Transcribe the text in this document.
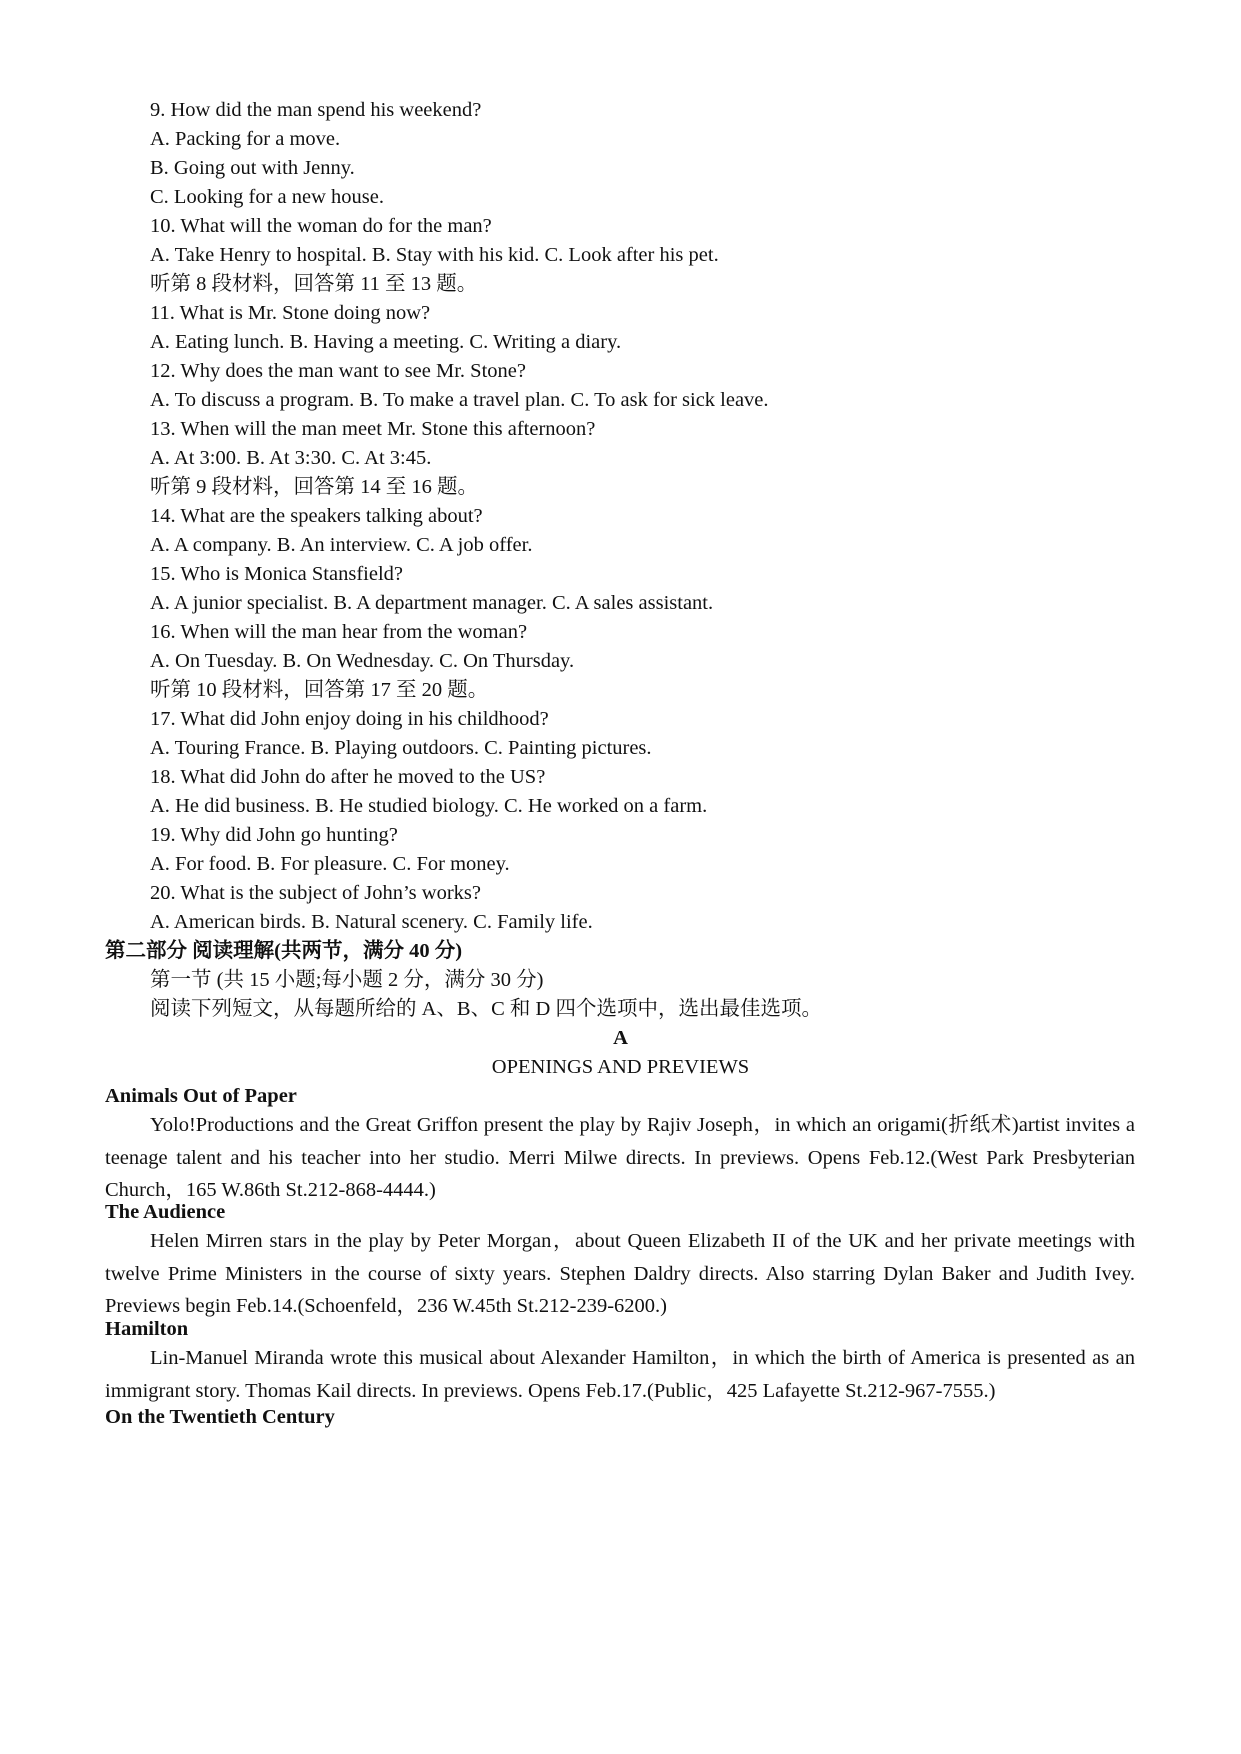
9. How did the man spend his weekend?
A. Packing for a move.
B. Going out with Jenny.
C. Looking for a new house.
10. What will the woman do for the man?
A. Take Henry to hospital. B. Stay with his kid. C. Look after his pet.
听第 8 段材料，回答第 11 至 13 题。
11. What is Mr. Stone doing now?
A. Eating lunch. B. Having a meeting. C. Writing a diary.
12. Why does the man want to see Mr. Stone?
A. To discuss a program. B. To make a travel plan. C. To ask for sick leave.
13. When will the man meet Mr. Stone this afternoon?
A. At 3:00. B. At 3:30. C. At 3:45.
听第 9 段材料，回答第 14 至 16 题。
14. What are the speakers talking about?
A. A company. B. An interview. C. A job offer.
15. Who is Monica Stansfield?
A. A junior specialist. B. A department manager. C. A sales assistant.
16. When will the man hear from the woman?
A. On Tuesday. B. On Wednesday. C. On Thursday.
听第 10 段材料，回答第 17 至 20 题。
17. What did John enjoy doing in his childhood?
A. Touring France. B. Playing outdoors. C. Painting pictures.
18. What did John do after he moved to the US?
A. He did business. B. He studied biology. C. He worked on a farm.
19. Why did John go hunting?
A. For food. B. For pleasure. C. For money.
20. What is the subject of John’s works?
A. American birds. B. Natural scenery. C. Family life.
第二部分 阅读理解(共两节，满分 40 分)
第一节 (共 15 小题;每小题 2 分，满分 30 分)
阅读下列短文，从每题所给的 A、B、C 和 D 四个选项中，选出最佳选项。
A
OPENINGS AND PREVIEWS
Animals Out of Paper

Yolo!Productions and the Great Griffon present the play by Rajiv Joseph，in which an origami(折纸术)artist invites a teenage talent and his teacher into her studio. Merri Milwe directs. In previews. Opens Feb.12.(West Park Presbyterian Church，165 W.86th St.212-868-4444.)

The Audience

Helen Mirren stars in the play by Peter Morgan，about Queen Elizabeth II of the UK and her private meetings with twelve Prime Ministers in the course of sixty years. Stephen Daldry directs. Also starring Dylan Baker and Judith Ivey. Previews begin Feb.14.(Schoenfeld，236 W.45th St.212-239-6200.)

Hamilton

Lin-Manuel Miranda wrote this musical about Alexander Hamilton，in which the birth of America is presented as an immigrant story. Thomas Kail directs. In previews. Opens Feb.17.(Public，425 Lafayette St.212-967-7555.)

On the Twentieth Century
